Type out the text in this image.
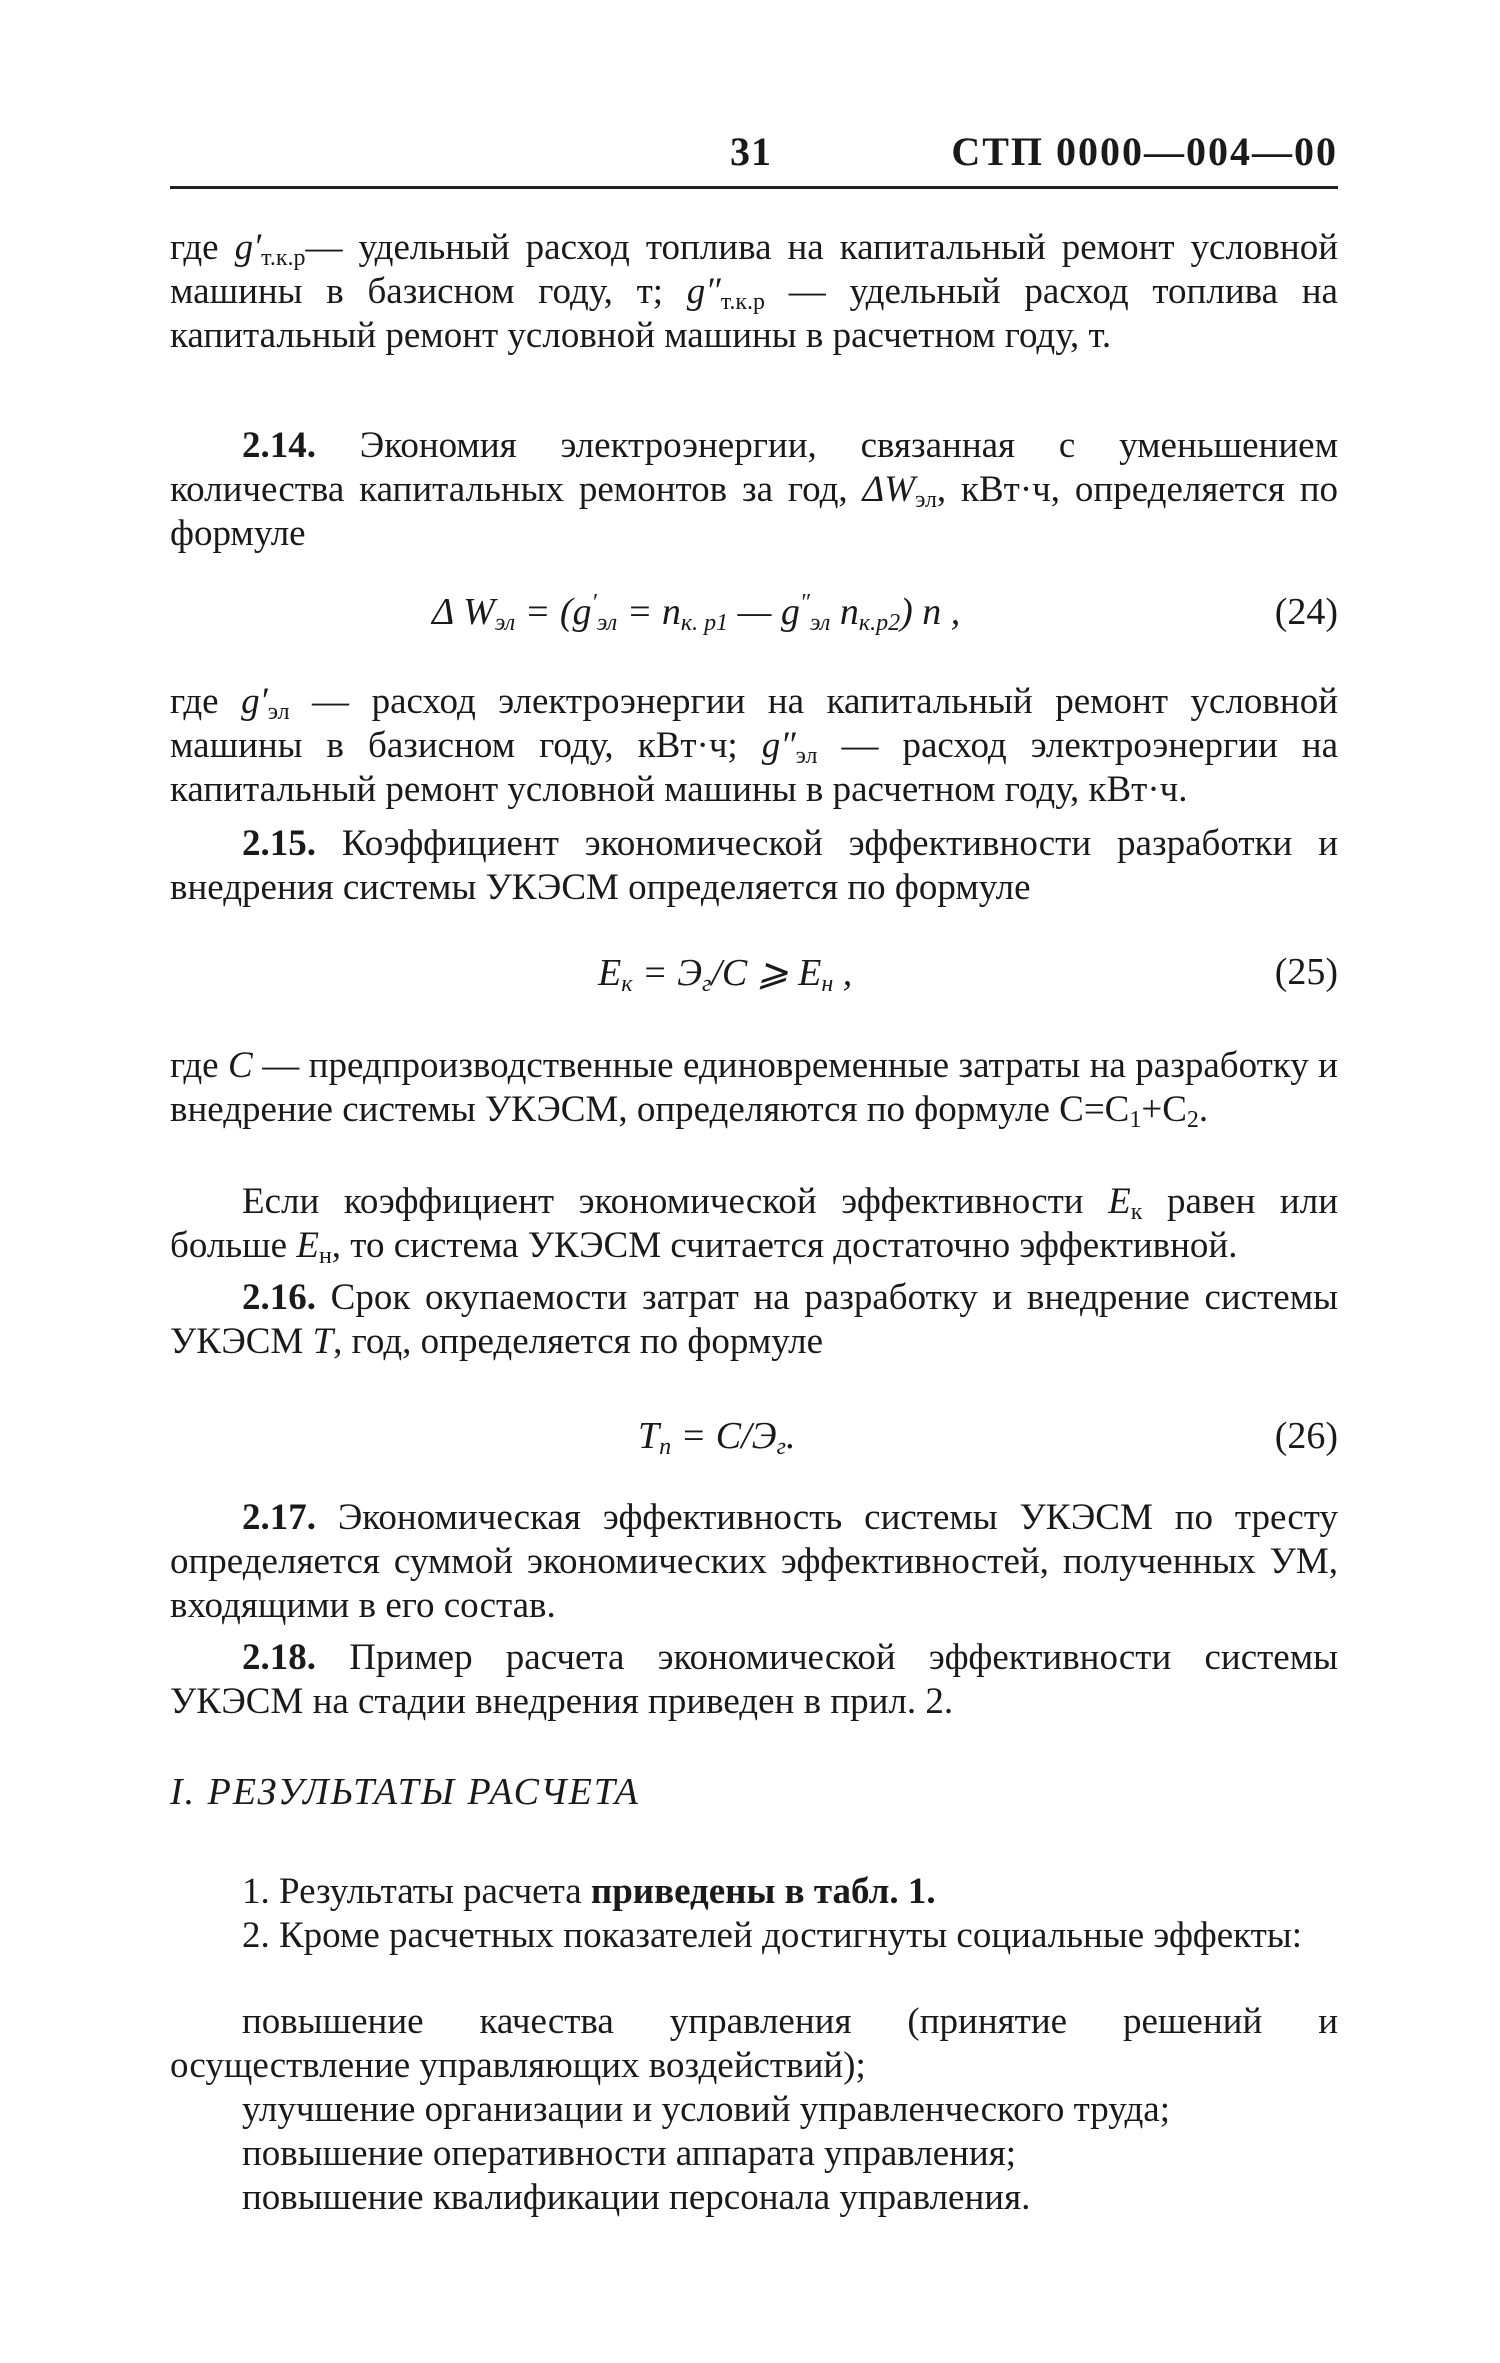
31	СТП 0000—004—00

где $g'_{т.к.р}—$ удельный расход топлива на капитальный ремонт условной машины в базисном году, т; $g''_{т.к.р}$ — удельный расход топлива на капитальный ремонт условной машины в расчетном году, т.

2.14. Экономия электроэнергии, связанная с уменьшением количества капитальных ремонтов за год, $\Delta W_{эл}$, кВт·ч, определяется по формуле

Δ $W_{эл} = (g'_{эл} = n_{к. р1}$ — $g''_{эл}$ $n_{к.р2}$) n ,	(24)

где $g'_{эл}$ — расход электроэнергии на капитальный ремонт условной машины в базисном году, кВт·ч; $g''_{эл}$ — расход электроэнергии на капитальный ремонт условной машины в расчетном году, кВт·ч.

2.15. Коэффициент экономической эффективности разработки и внедрения системы УКЭСМ определяется по формуле

$E_к = Э_г/C$ ⩾ $E_н$ ,	(25)

где С — предпроизводственные единовременные затраты на разработку и внедрение системы УКЭСМ, определяются по формуле $С=С_1+С_2$.

Если коэффициент экономической эффективности $E_к$ равен или больше $E_н$, то система УКЭСМ считается достаточно эффективной.

2.16. Срок окупаемости затрат на разработку и внедрение системы УКЭСМ Т, год, определяется по формуле

$T_п = C/Э_г$.	(26)

2.17. Экономическая эффективность системы УКЭСМ по тресту определяется суммой экономических эффективностей, полученных УМ, входящими в его состав.

2.18. Пример расчета экономической эффективности системы УКЭСМ на стадии внедрения приведен в прил. 2.

I. РЕЗУЛЬТАТЫ РАСЧЕТА

1. Результаты расчета приведены в табл. 1.

2. Кроме расчетных показателей достигнуты социальные эффекты:

повышение качества управления (принятие решений и осуществление управляющих воздействий);

улучшение организации и условий управленческого труда;

повышение оперативности аппарата управления;

повышение квалификации персонала управления.
